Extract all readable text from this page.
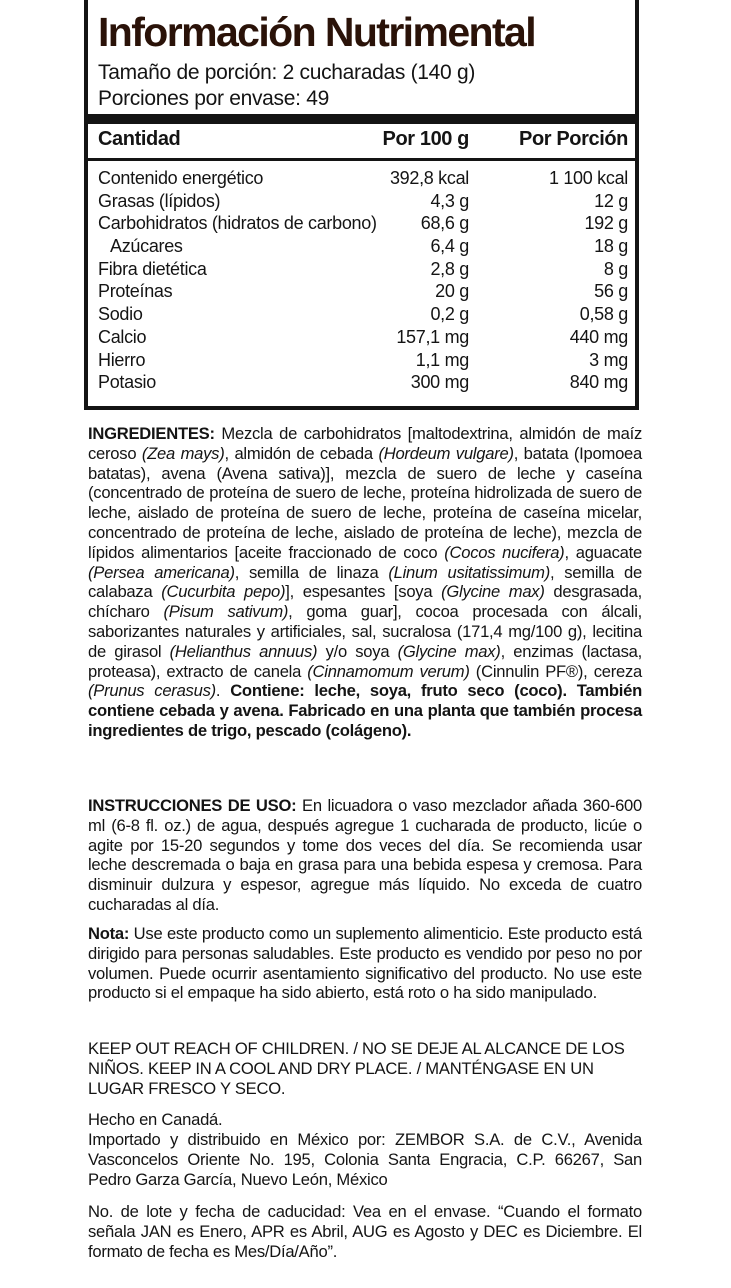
Información Nutrimental
Tamaño de porción: 2 cucharadas (140 g)
Porciones por envase: 49
Cantidad	Por 100 g	Por Porción
Contenido energético	392,8 kcal	1 100 kcal
Grasas (lípidos)	4,3 g	12 g
Carbohidratos (hidratos de carbono) 68,6 g	192 g
Azúcares	6,4 g	18 g
Fibra dietética	2,8 g	8 g
Proteínas	20 g	56 g
Sodio	0,2 g	0,58 g
Calcio	157,1 mg	440 mg
Hierro	1,1 mg	3 mg
Potasio	300 mg	840 mg
INGREDIENTES: Mezcla de carbohidratos [maltodextrina, almidón de maíz ceroso (Zea mays), almidón de cebada (Hordeum vulgare), batata (Ipomoea batatas), avena (Avena sativa)], mezcla de suero de leche y caseína (concentrado de proteína de suero de leche, proteína hidrolizada de suero de leche, aislado de proteína de suero de leche, proteína de caseína micelar, concentrado de proteína de leche, aislado de proteína de leche), mezcla de lípidos alimentarios [aceite fraccionado de coco (Cocos nucifera), aguacate (Persea americana), semilla de linaza (Linum usitatissimum), semilla de calabaza (Cucurbita pepo)], espesantes [soya (Glycine max) desgrasada, chícharo (Pisum sativum), goma guar], cocoa procesada con álcali, saborizantes naturales y artificiales, sal, sucralosa (171,4 mg/100 g), lecitina de girasol (Helianthus annuus) y/o soya (Glycine max), enzimas (lactasa, proteasa), extracto de canela (Cinnamomum verum) (Cinnulin PF®), cereza (Prunus cerasus). Contiene: leche, soya, fruto seco (coco). También contiene cebada y avena. Fabricado en una planta que también procesa ingredientes de trigo, pescado (colágeno).
INSTRUCCIONES DE USO: En licuadora o vaso mezclador añada 360-600 ml (6-8 fl. oz.) de agua, después agregue 1 cucharada de producto, licúe o agite por 15-20 segundos y tome dos veces del día. Se recomienda usar leche descremada o baja en grasa para una bebida espesa y cremosa. Para disminuir dulzura y espesor, agregue más líquido. No exceda de cuatro cucharadas al día.
Nota: Use este producto como un suplemento alimenticio. Este producto está dirigido para personas saludables. Este producto es vendido por peso no por volumen. Puede ocurrir asentamiento significativo del producto. No use este producto si el empaque ha sido abierto, está roto o ha sido manipulado.
KEEP OUT REACH OF CHILDREN. / NO SE DEJE AL ALCANCE DE LOS NIÑOS. KEEP IN A COOL AND DRY PLACE. / MANTÉNGASE EN UN LUGAR FRESCO Y SECO.
Hecho en Canadá.
Importado y distribuido en México por: ZEMBOR S.A. de C.V., Avenida Vasconcelos Oriente No. 195, Colonia Santa Engracia, C.P. 66267, San Pedro Garza García, Nuevo León, México
No. de lote y fecha de caducidad: Vea en el envase. “Cuando el formato señala JAN es Enero, APR es Abril, AUG es Agosto y DEC es Diciembre. El formato de fecha es Mes/Día/Año”.
